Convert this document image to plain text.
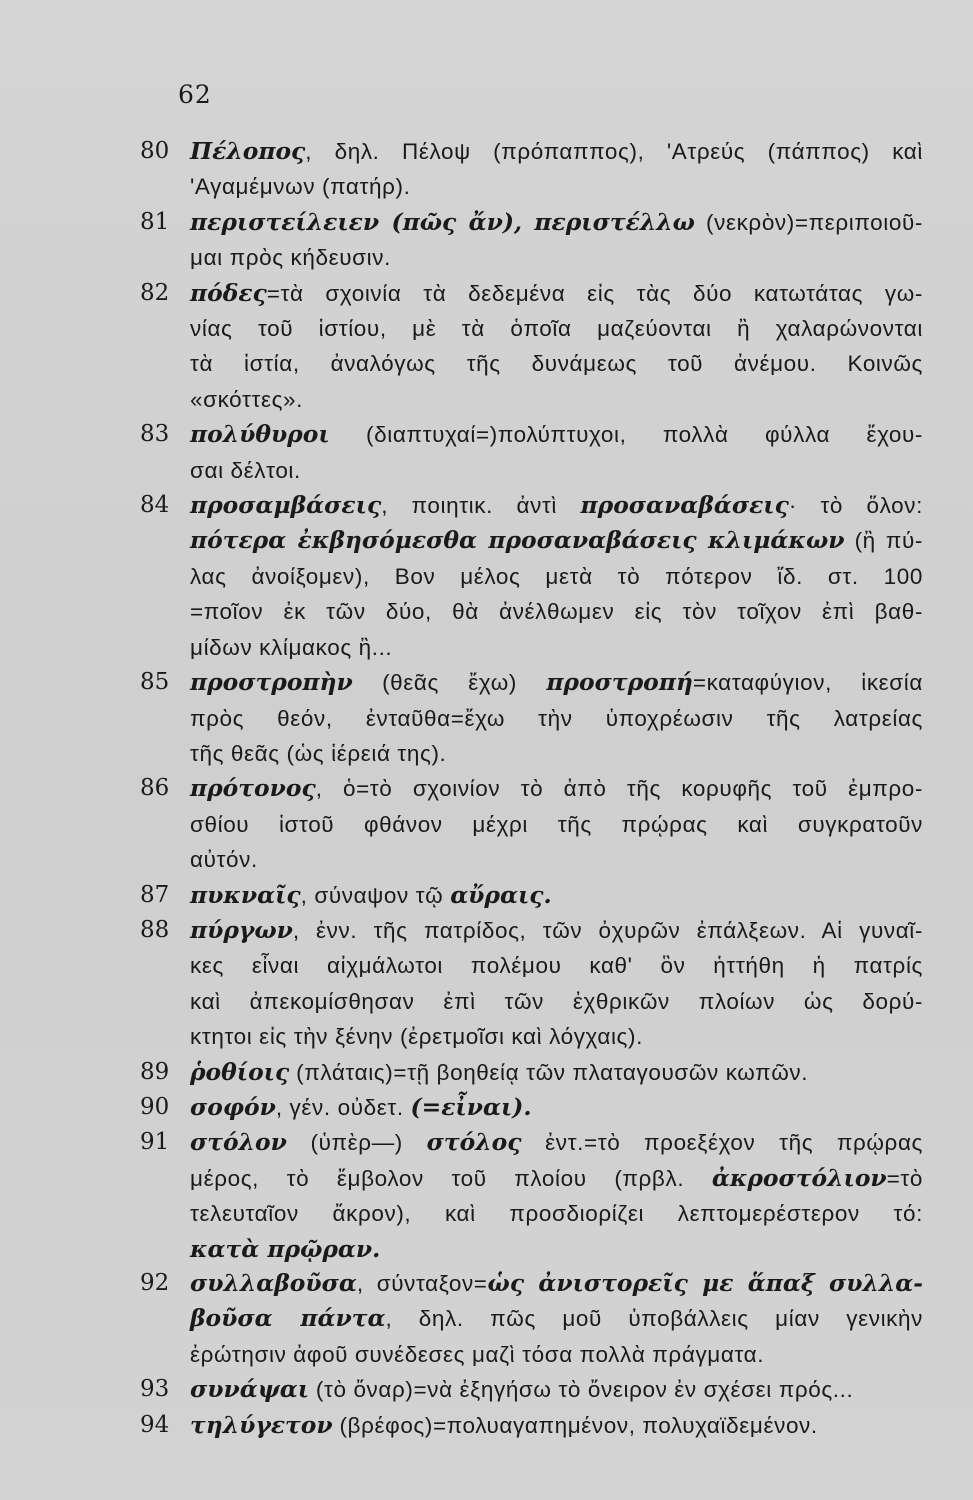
62
80 Πέλοπος, δηλ. Πέλοψ (πρόπαππος), 'Ατρεύς (πάππος) καὶ
'Αγαμέμνων (πατήρ).
81 περιστείλειεν (πῶς ἄν), περιστέλλω (νεκρὸν)=περιποιοῦ-
μαι πρὸς κήδευσιν.
82 πόδες=τὰ σχοινία τὰ δεδεμένα εἰς τὰς δύο κατωτάτας γω-
νίας τοῦ ἱστίου, μὲ τὰ ὁποῖα μαζεύονται ἢ χαλαρώνονται
τὰ ἱστία, ἀναλόγως τῆς δυνάμεως τοῦ ἀνέμου. Κοινῶς
«σκόττες».
83 πολύθυροι (διαπτυχαί=)πολύπτυχοι, πολλὰ φύλλα ἔχου-
σαι δέλτοι.
84 προσαμβάσεις, ποιητικ. ἀντὶ προσαναβάσεις· τὸ ὅλον:
πότερα ἐκβησόμεσθα προσαναβάσεις κλιμάκων (ἢ πύ-
λας ἀνοίξομεν), Βον μέλος μετὰ τὸ πότερον ἴδ. στ. 100
=ποῖον ἐκ τῶν δύο, θὰ ἀνέλθωμεν εἰς τὸν τοῖχον ἐπὶ βαθ-
μίδων κλίμακος ἢ...
85 προστροπὴν (θεᾶς ἔχω) προστροπή=καταφύγιον, ἱκεσία
πρὸς θεόν, ἐνταῦθα=ἔχω τὴν ὑποχρέωσιν τῆς λατρείας
τῆς θεᾶς (ὡς ἱέρειά της).
86 πρότονος, ὁ=τὸ σχοινίον τὸ ἀπὸ τῆς κορυφῆς τοῦ ἐμπρο-
σθίου ἱστοῦ φθάνον μέχρι τῆς πρῴρας καὶ συγκρατοῦν
αὐτόν.
87 πυκναῖς, σύναψον τῷ αὔραις.
88 πύργων, ἐνν. τῆς πατρίδος, τῶν ὀχυρῶν ἐπάλξεων. Αἱ γυναῖ-
κες εἶναι αἰχμάλωτοι πολέμου καθ' ὃν ἡττήθη ἡ πατρίς
καὶ ἀπεκομίσθησαν ἐπὶ τῶν ἐχθρικῶν πλοίων ὡς δορύ-
κτητοι εἰς τὴν ξένην (ἐρετμοῖσι καὶ λόγχαις).
89 ῥοθίοις (πλάταις)=τῇ βοηθείᾳ τῶν πλαταγουσῶν κωπῶν.
90 σοφόν, γέν. οὐδετ. (=εἶναι).
91 στόλον (ὑπὲρ—) στόλος ἐντ.=τὸ προεξέχον τῆς πρῴρας
μέρος, τὸ ἔμβολον τοῦ πλοίου (πρβλ. ἀκροστόλιον=τὸ
τελευταῖον ἄκρον), καὶ προσδιορίζει λεπτομερέστερον τό:
κατὰ πρῷραν.
92 συλλαβοῦσα, σύνταξον=ὡς ἀνιστορεῖς με ἅπαξ συλλα-
βοῦσα πάντα, δηλ. πῶς μοῦ ὑποβάλλεις μίαν γενικὴν
ἐρώτησιν ἀφοῦ συνέδεσες μαζὶ τόσα πολλὰ πράγματα.
93 συνάψαι (τὸ ὄναρ)=νὰ ἐξηγήσω τὸ ὄνειρον ἐν σχέσει πρός...
94 τηλύγετον (βρέφος)=πολυαγαπημένον, πολυχαϊδεμένον.
